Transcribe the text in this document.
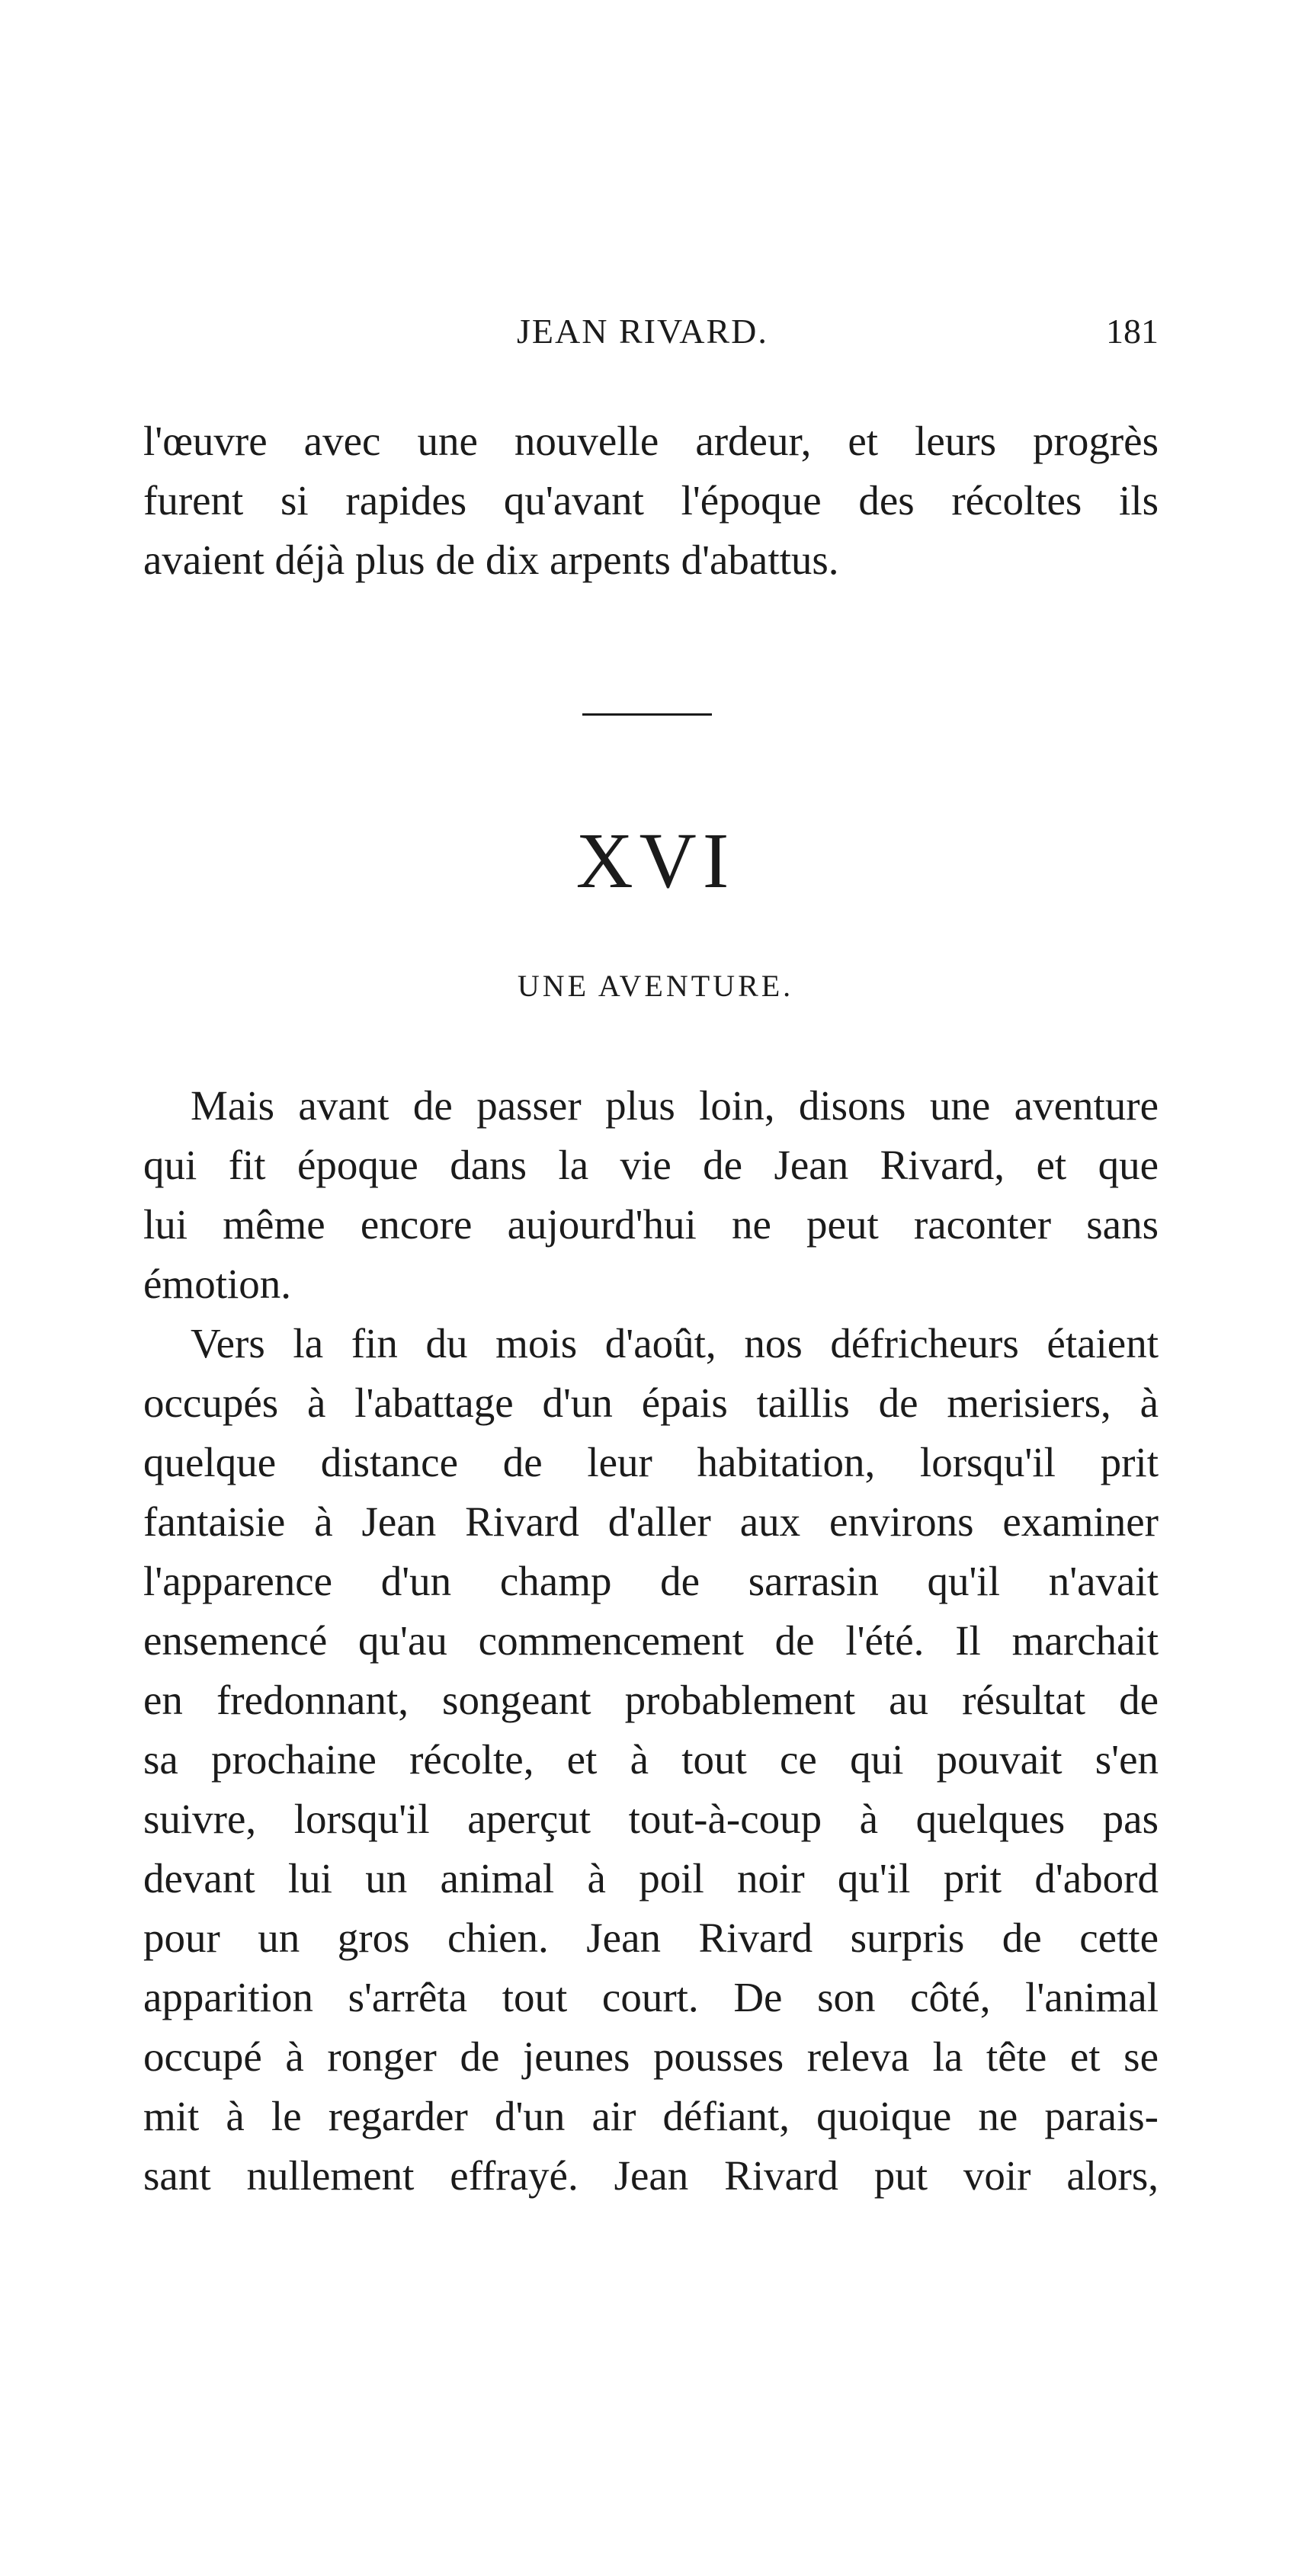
JEAN RIVARD.	181
l'œuvre avec une nouvelle ardeur, et leurs progrès
furent si rapides qu'avant l'époque des récoltes ils
avaient déjà plus de dix arpents d'abattus.
XVI
UNE AVENTURE.
Mais avant de passer plus loin, disons une aventure
qui fit époque dans la vie de Jean Rivard, et que
lui même encore aujourd'hui ne peut raconter sans
émotion.
Vers la fin du mois d'août, nos défricheurs étaient
occupés à l'abattage d'un épais taillis de merisiers, à
quelque distance de leur habitation, lorsqu'il prit
fantaisie à Jean Rivard d'aller aux environs examiner
l'apparence d'un champ de sarrasin qu'il n'avait
ensemencé qu'au commencement de l'été. Il marchait
en fredonnant, songeant probablement au résultat de
sa prochaine récolte, et à tout ce qui pouvait s'en
suivre, lorsqu'il aperçut tout-à-coup à quelques pas
devant lui un animal à poil noir qu'il prit d'abord
pour un gros chien. Jean Rivard surpris de cette
apparition s'arrêta tout court. De son côté, l'animal
occupé à ronger de jeunes pousses releva la tête et se
mit à le regarder d'un air défiant, quoique ne parais-
sant nullement effrayé. Jean Rivard put voir alors,
